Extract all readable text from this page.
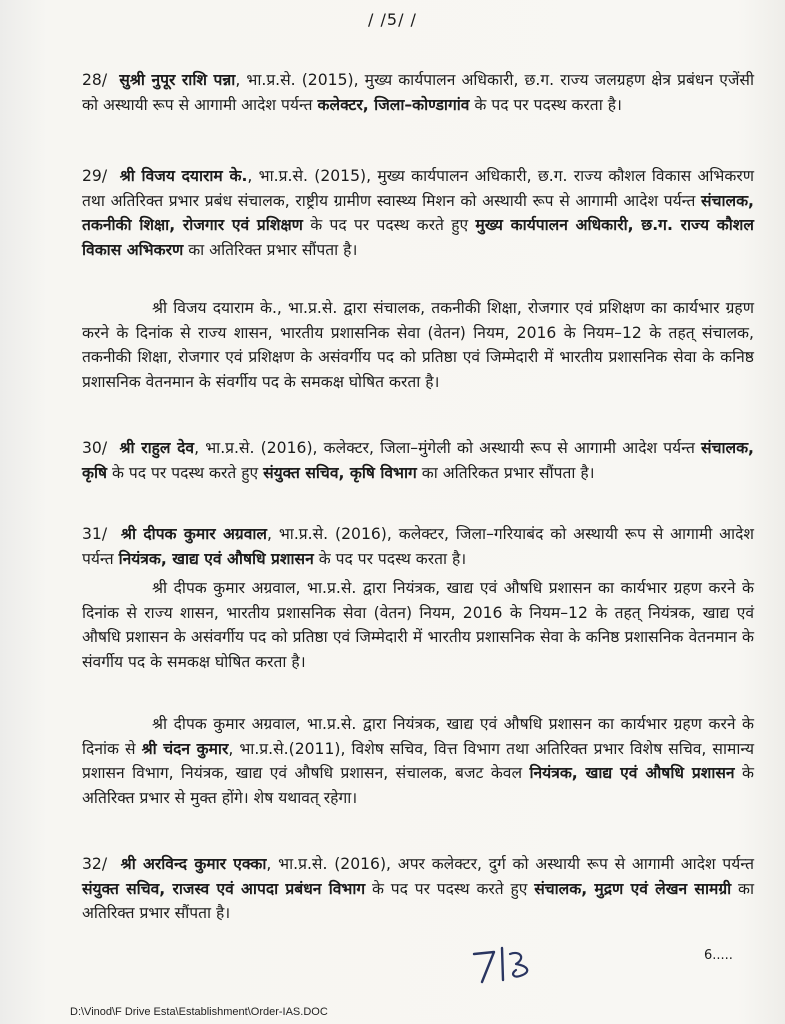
/ /5/ /

28/ सुश्री नुपूर राशि पन्ना, भा.प्र.से. (2015), मुख्य कार्यपालन अधिकारी, छ.ग. राज्य जलग्रहण क्षेत्र प्रबंधन एजेंसी को अस्थायी रूप से आगामी आदेश पर्यन्त कलेक्टर, जिला–कोण्डागांव के पद पर पदस्थ करता है।

29/ श्री विजय दयाराम के., भा.प्र.से. (2015), मुख्य कार्यपालन अधिकारी, छ.ग. राज्य कौशल विकास अभिकरण तथा अतिरिक्त प्रभार प्रबंध संचालक, राष्ट्रीय ग्रामीण स्वास्थ्य मिशन को अस्थायी रूप से आगामी आदेश पर्यन्त संचालक, तकनीकी शिक्षा, रोजगार एवं प्रशिक्षण के पद पर पदस्थ करते हुए मुख्य कार्यपालन अधिकारी, छ.ग. राज्य कौशल विकास अभिकरण का अतिरिक्त प्रभार सौंपता है।

श्री विजय दयाराम के., भा.प्र.से. द्वारा संचालक, तकनीकी शिक्षा, रोजगार एवं प्रशिक्षण का कार्यभार ग्रहण करने के दिनांक से राज्य शासन, भारतीय प्रशासनिक सेवा (वेतन) नियम, 2016 के नियम–12 के तहत् संचालक, तकनीकी शिक्षा, रोजगार एवं प्रशिक्षण के असंवर्गीय पद को प्रतिष्ठा एवं जिम्मेदारी में भारतीय प्रशासनिक सेवा के कनिष्ठ प्रशासनिक वेतनमान के संवर्गीय पद के समकक्ष घोषित करता है।

30/ श्री राहुल देव, भा.प्र.से. (2016), कलेक्टर, जिला–मुंगेली को अस्थायी रूप से आगामी आदेश पर्यन्त संचालक, कृषि के पद पर पदस्थ करते हुए संयुक्त सचिव, कृषि विभाग का अतिरिकत प्रभार सौंपता है।

31/ श्री दीपक कुमार अग्रवाल, भा.प्र.से. (2016), कलेक्टर, जिला–गरियाबंद को अस्थायी रूप से आगामी आदेश पर्यन्त नियंत्रक, खाद्य एवं औषधि प्रशासन के पद पर पदस्थ करता है।

श्री दीपक कुमार अग्रवाल, भा.प्र.से. द्वारा नियंत्रक, खाद्य एवं औषधि प्रशासन का कार्यभार ग्रहण करने के दिनांक से राज्य शासन, भारतीय प्रशासनिक सेवा (वेतन) नियम, 2016 के नियम–12 के तहत् नियंत्रक, खाद्य एवं औषधि प्रशासन के असंवर्गीय पद को प्रतिष्ठा एवं जिम्मेदारी में भारतीय प्रशासनिक सेवा के कनिष्ठ प्रशासनिक वेतनमान के संवर्गीय पद के समकक्ष घोषित करता है।

श्री दीपक कुमार अग्रवाल, भा.प्र.से. द्वारा नियंत्रक, खाद्य एवं औषधि प्रशासन का कार्यभार ग्रहण करने के दिनांक से श्री चंदन कुमार, भा.प्र.से.(2011), विशेष सचिव, वित्त विभाग तथा अतिरिक्त प्रभार विशेष सचिव, सामान्य प्रशासन विभाग, नियंत्रक, खाद्य एवं औषधि प्रशासन, संचालक, बजट केवल नियंत्रक, खाद्य एवं औषधि प्रशासन के अतिरिक्त प्रभार से मुक्त होंगे। शेष यथावत् रहेगा।

32/ श्री अरविन्द कुमार एक्का, भा.प्र.से. (2016), अपर कलेक्टर, दुर्ग को अस्थायी रूप से आगामी आदेश पर्यन्त संयुक्त सचिव, राजस्व एवं आपदा प्रबंधन विभाग के पद पर पदस्थ करते हुए संचालक, मुद्रण एवं लेखन सामग्री का अतिरिक्त प्रभार सौंपता है।

6.....
D:\Vinod\F Drive Esta\Establishment\Order-IAS.DOC
